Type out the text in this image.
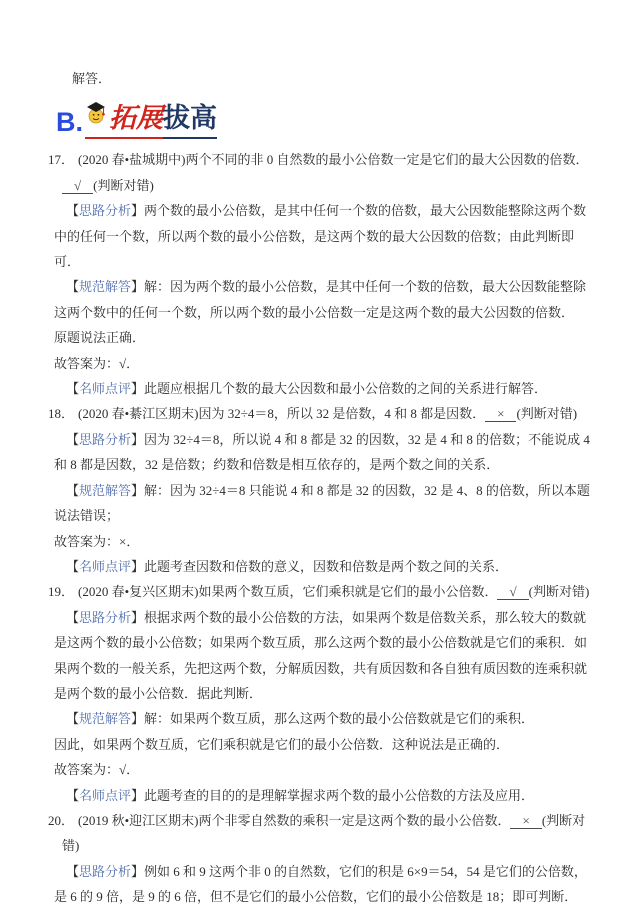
解答．

B. 拓展 拔高

17． (2020 春•盐城期中)两个不同的非 0 自然数的最小公倍数一定是它们的最大公因数的倍数．√ (判断对错)

【思路分析】两个数的最小公倍数，是其中任何一个数的倍数，最大公因数能整除这两个数中的任何一个数，所以两个数的最小公倍数，是这两个数的最大公因数的倍数；由此判断即可．

【规范解答】解：因为两个数的最小公倍数，是其中任何一个数的倍数，最大公因数能整除这两个数中的任何一个数，所以两个数的最小公倍数一定是这两个数的最大公因数的倍数．

原题说法正确．

故答案为：√．

【名师点评】此题应根据几个数的最大公因数和最小公倍数的之间的关系进行解答．

18． (2020 春•綦江区期末)因为 32÷4＝8，所以 32 是倍数，4 和 8 都是因数． × (判断对错)

【思路分析】因为 32÷4＝8，所以说 4 和 8 都是 32 的因数，32 是 4 和 8 的倍数；不能说成 4 和 8 都是因数，32 是倍数；约数和倍数是相互依存的，是两个数之间的关系．

【规范解答】解：因为 32÷4＝8 只能说 4 和 8 都是 32 的因数，32 是 4、8 的倍数，所以本题说法错误；

故答案为：×．

【名师点评】此题考查因数和倍数的意义，因数和倍数是两个数之间的关系．

19． (2020 春•复兴区期末)如果两个数互质，它们乘积就是它们的最小公倍数． √ (判断对错)

【思路分析】根据求两个数的最小公倍数的方法，如果两个数是倍数关系，那么较大的数就是这两个数的最小公倍数；如果两个数互质，那么这两个数的最小公倍数就是它们的乘积．如果两个数的一般关系，先把这两个数，分解质因数，共有质因数和各自独有质因数的连乘积就是两个数的最小公倍数．据此判断．

【规范解答】解：如果两个数互质，那么这两个数的最小公倍数就是它们的乘积．

因此，如果两个数互质，它们乘积就是它们的最小公倍数．这种说法是正确的．

故答案为：√．

【名师点评】此题考查的目的的是理解掌握求两个数的最小公倍数的方法及应用．

20． (2019 秋•迎江区期末)两个非零自然数的乘积一定是这两个数的最小公倍数． × (判断对错)

【思路分析】例如 6 和 9 这两个非 0 的自然数，它们的积是 6×9＝54，54 是它们的公倍数，是 6 的 9 倍，是 9 的 6 倍，但不是它们的最小公倍数，它们的最小公倍数是 18；即可判断．
